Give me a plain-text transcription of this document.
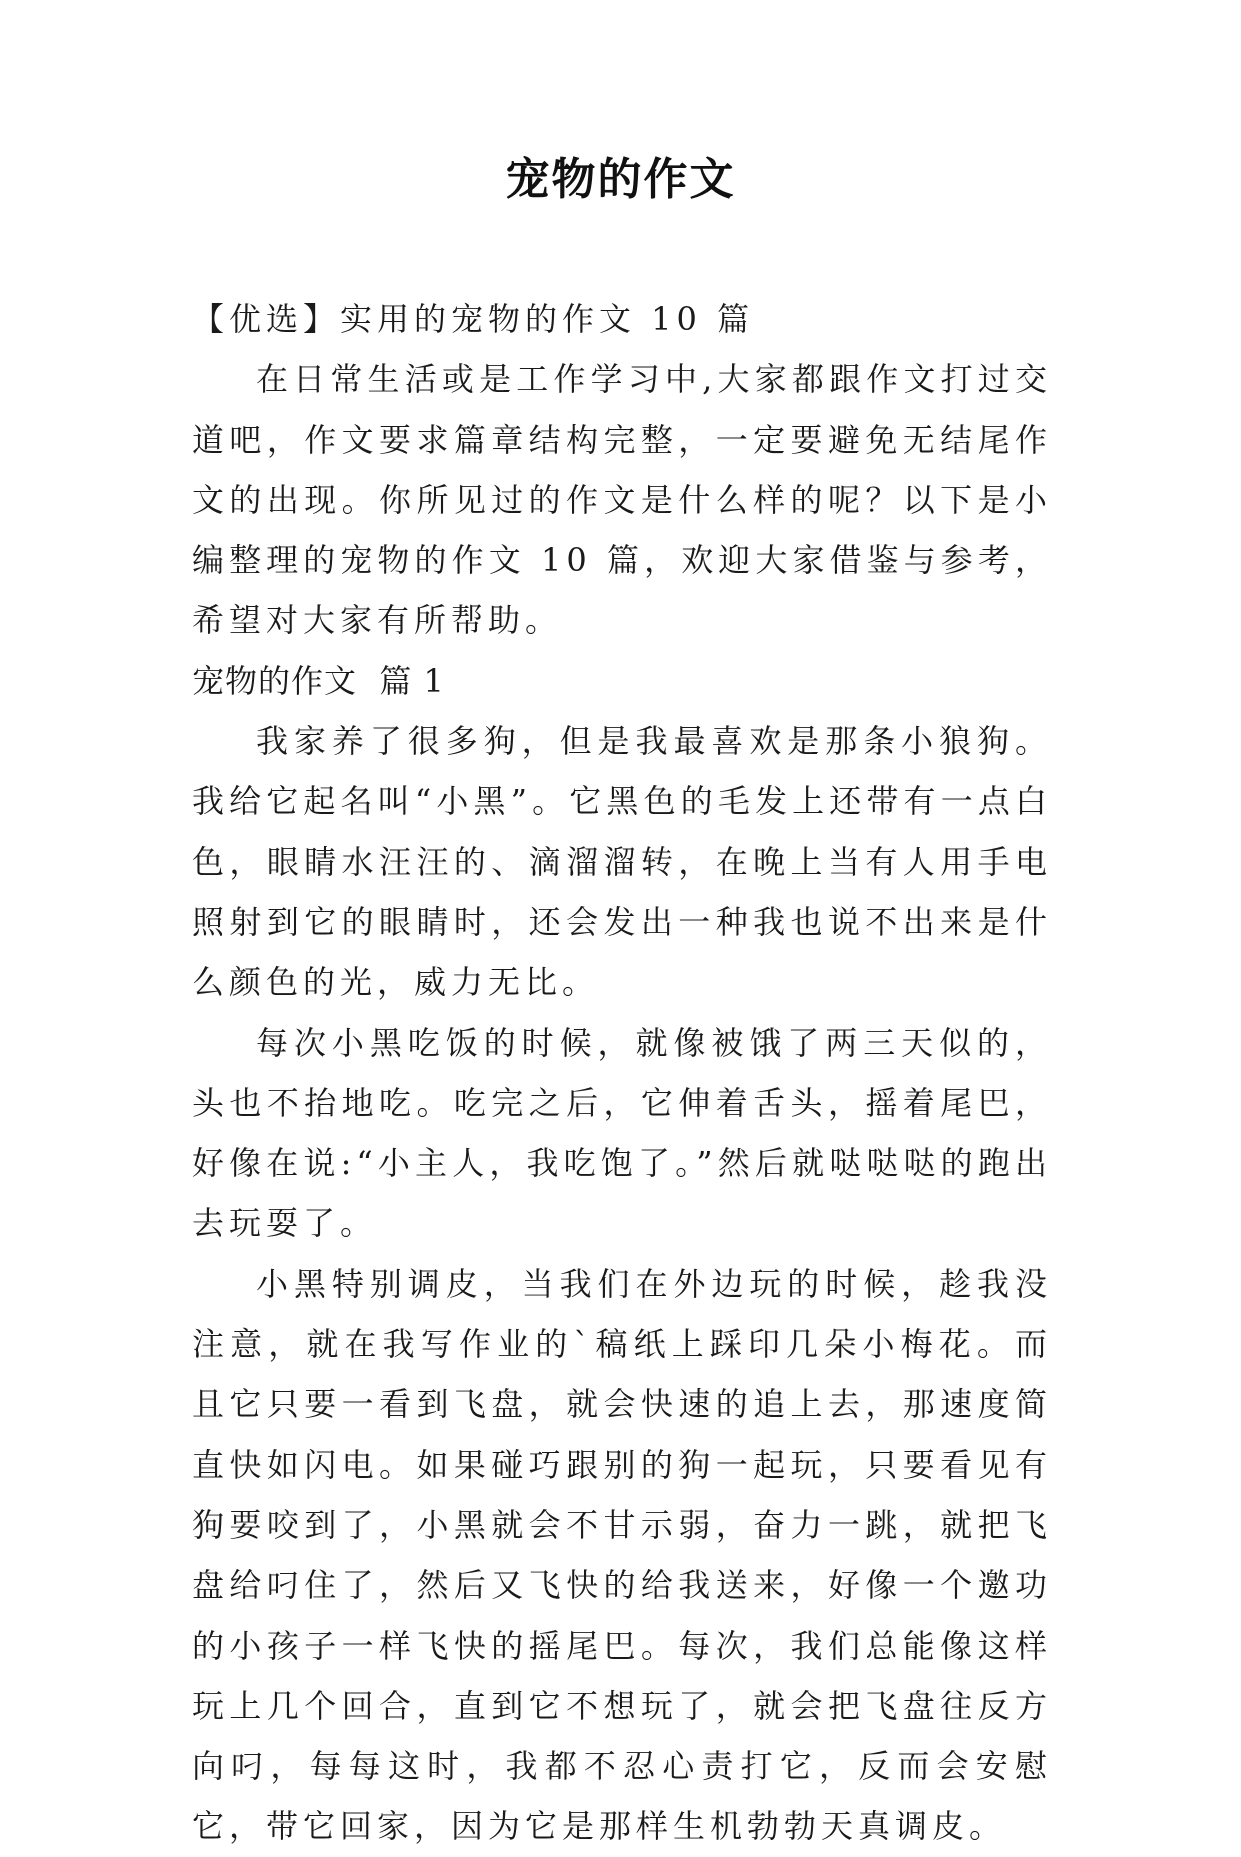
宠物的作文

【优选】实用的宠物的作文 10 篇

在日常生活或是工作学习中,大家都跟作文打过交道吧，作文要求篇章结构完整，一定要避免无结尾作文的出现。你所见过的作文是什么样的呢？以下是小编整理的宠物的作文 10 篇，欢迎大家借鉴与参考，希望对大家有所帮助。

宠物的作文  篇 1

我家养了很多狗，但是我最喜欢是那条小狼狗。我给它起名叫“小黑”。它黑色的毛发上还带有一点白色，眼睛水汪汪的、滴溜溜转，在晚上当有人用手电照射到它的眼睛时，还会发出一种我也说不出来是什么颜色的光，威力无比。

每次小黑吃饭的时候，就像被饿了两三天似的，头也不抬地吃。吃完之后，它伸着舌头，摇着尾巴，好像在说:“小主人，我吃饱了。”然后就哒哒哒的跑出去玩耍了。

小黑特别调皮，当我们在外边玩的时候，趁我没注意，就在我写作业的`稿纸上踩印几朵小梅花。而且它只要一看到飞盘，就会快速的追上去，那速度简直快如闪电。如果碰巧跟别的狗一起玩，只要看见有狗要咬到了，小黑就会不甘示弱，奋力一跳，就把飞盘给叼住了，然后又飞快的给我送来，好像一个邀功的小孩子一样飞快的摇尾巴。每次，我们总能像这样玩上几个回合，直到它不想玩了，就会把飞盘往反方向叼，每每这时，我都不忍心责打它，反而会安慰它，带它回家，因为它是那样生机勃勃天真调皮。
